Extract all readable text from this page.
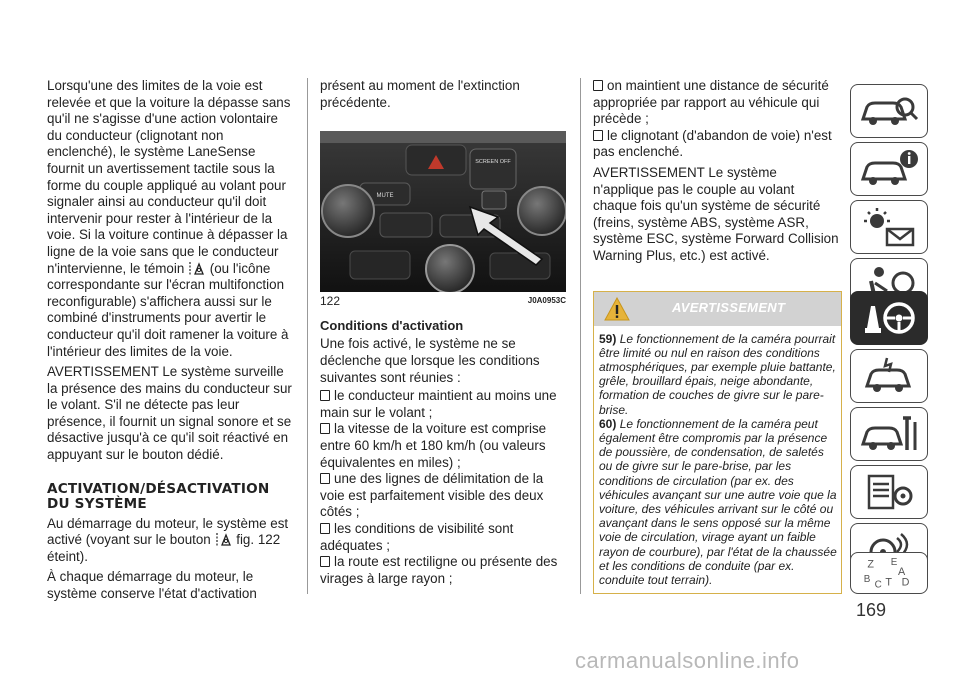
Lorsqu'une des limites de la voie est relevée et que la voiture la dépasse sans qu'il ne s'agisse d'une action volontaire du conducteur (clignotant non enclenché), le système LaneSense fournit un avertissement tactile sous la forme du couple appliqué au volant pour signaler ainsi au conducteur qu'il doit intervenir pour rester à l'intérieur de la voie. Si la voiture continue à dépasser la ligne de la voie sans que le conducteur n'intervienne, le témoin (ou l'icône correspondante sur l'écran multifonction reconfigurable) s'affichera aussi sur le combiné d'instruments pour avertir le conducteur qu'il doit ramener la voiture à l'intérieur des limites de la voie.

AVERTISSEMENT Le système surveille la présence des mains du conducteur sur le volant. S'il ne détecte pas leur présence, il fournit un signal sonore et se désactive jusqu'à ce qu'il soit réactivé en appuyant sur le bouton dédié.

ACTIVATION/DÉSACTIVATION DU SYSTÈME

Au démarrage du moteur, le système est activé (voyant sur le bouton fig. 122 éteint).

À chaque démarrage du moteur, le système conserve l'état d'activation

présent au moment de l'extinction précédente.

SCREEN OFF
MUTE
122	J0A0953C
Conditions d'activation

Une fois activé, le système ne se déclenche que lorsque les conditions suivantes sont réunies :

le conducteur maintient au moins une main sur le volant ;
la vitesse de la voiture est comprise entre 60 km/h et 180 km/h (ou valeurs équivalentes en miles) ;
une des lignes de délimitation de la voie est parfaitement visible des deux côtés ;
les conditions de visibilité sont adéquates ;
la route est rectiligne ou présente des virages à large rayon ;
on maintient une distance de sécurité appropriée par rapport au véhicule qui précède ;
le clignotant (d'abandon de voie) n'est pas enclenché.

AVERTISSEMENT Le système n'applique pas le couple au volant chaque fois qu'un système de sécurité (freins, système ABS, système ASR, système ESC, système Forward Collision Warning Plus, etc.) est activé.

AVERTISSEMENT
59) Le fonctionnement de la caméra pourrait être limité ou nul en raison des conditions atmosphériques, par exemple pluie battante, grêle, brouillard épais, neige abondante, formation de couches de givre sur le pare-brise.
60) Le fonctionnement de la caméra peut également être compromis par la présence de poussière, de condensation, de saletés ou de givre sur le pare-brise, par les conditions de circulation (par ex. des véhicules avançant sur une autre voie que la voiture, des véhicules arrivant sur le côté ou avançant dans le sens opposé sur la même voie de circulation, virage ayant un faible rayon de courbure), par l'état de la chaussée et les conditions de conduite (par ex. conduite tout terrain).
Z E
A
B C T D
169
carmanualsonline.info
